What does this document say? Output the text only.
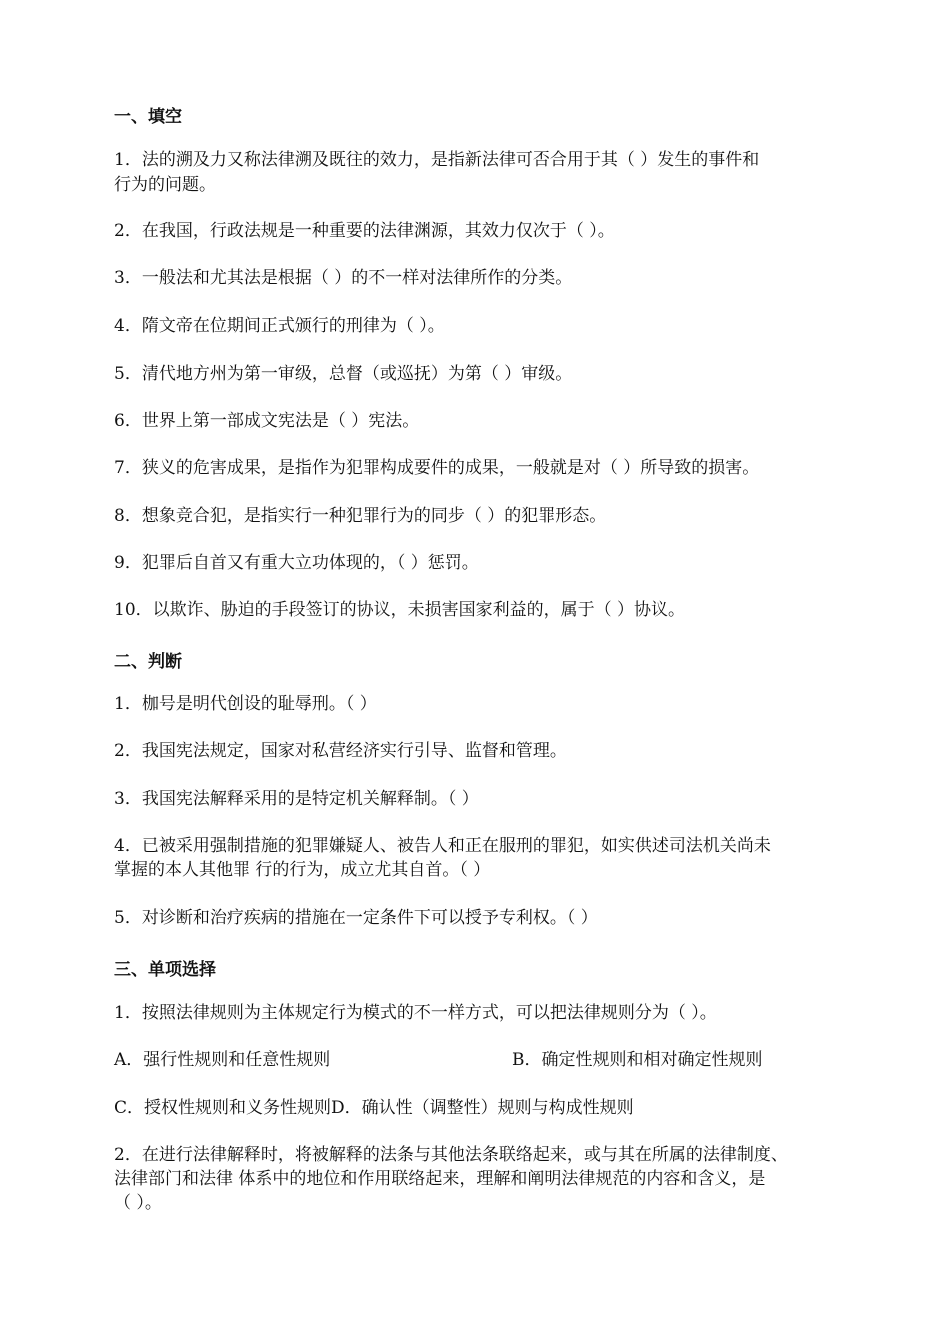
一、填空
1．法的溯及力又称法律溯及既往的效力，是指新法律可否合用于其（ ）发生的事件和
行为的问题。
2．在我国，行政法规是一种重要的法律渊源，其效力仅次于（ ）。
3．一般法和尤其法是根据（ ）的不一样对法律所作的分类。
4．隋文帝在位期间正式颁行的刑律为（ ）。
5．清代地方州为第一审级，总督（或巡抚）为第（ ）审级。
6．世界上第一部成文宪法是（ ）宪法。
7．狭义的危害成果，是指作为犯罪构成要件的成果，一般就是对（ ）所导致的损害。
8．想象竞合犯，是指实行一种犯罪行为的同步（ ）的犯罪形态。
9．犯罪后自首又有重大立功体现的，（ ）惩罚。
10．以欺诈、胁迫的手段签订的协议，未损害国家利益的，属于（ ）协议。
二、判断
1．枷号是明代创设的耻辱刑。（ ）
2．我国宪法规定，国家对私营经济实行引导、监督和管理。
3．我国宪法解释采用的是特定机关解释制。（ ）
4．已被采用强制措施的犯罪嫌疑人、被告人和正在服刑的罪犯，如实供述司法机关尚未
掌握的本人其他罪 行的行为，成立尤其自首。（ ）
5．对诊断和治疗疾病的措施在一定条件下可以授予专利权。（ ）
三、单项选择
1．按照法律规则为主体规定行为模式的不一样方式，可以把法律规则分为（ ）。
A．强行性规则和任意性规则	B．确定性规则和相对确定性规则
C．授权性规则和义务性规则D．确认性（调整性）规则与构成性规则
2．在进行法律解释时，将被解释的法条与其他法条联络起来，或与其在所属的法律制度、
法律部门和法律 体系中的地位和作用联络起来，理解和阐明法律规范的内容和含义，是
（ ）。
